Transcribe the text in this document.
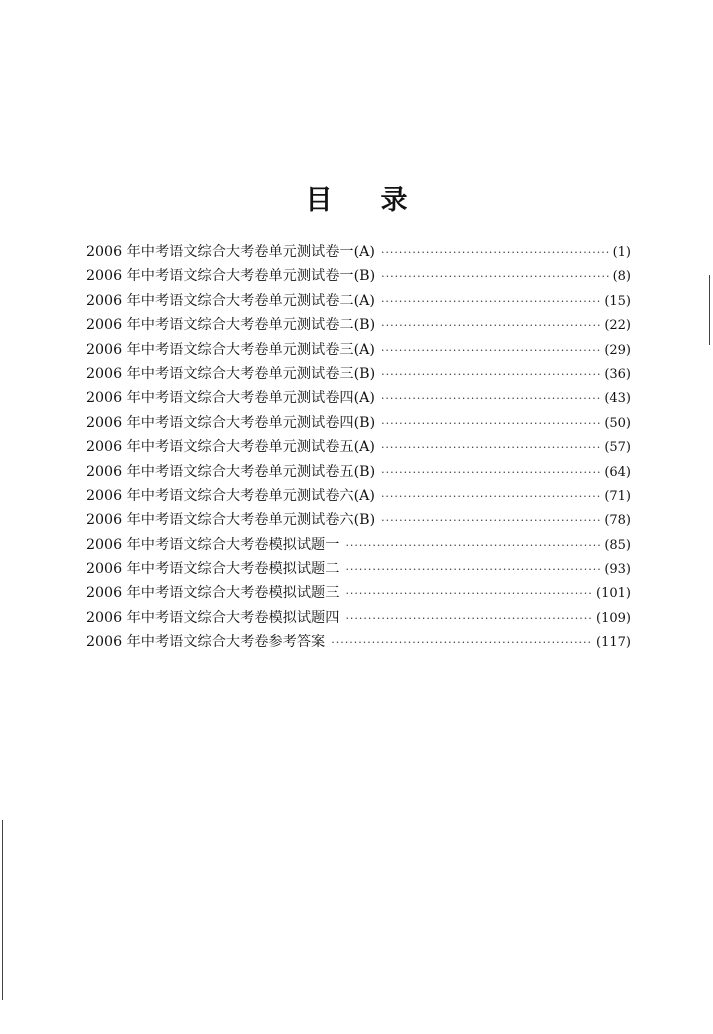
目 录
2006 年中考语文综合大考卷单元测试卷一(A) ·····	(1)
2006 年中考语文综合大考卷单元测试卷一(B) ·····	(8)
2006 年中考语文综合大考卷单元测试卷二(A) ·····	(15)
2006 年中考语文综合大考卷单元测试卷二(B) ·····	(22)
2006 年中考语文综合大考卷单元测试卷三(A) ·····	(29)
2006 年中考语文综合大考卷单元测试卷三(B) ·····	(36)
2006 年中考语文综合大考卷单元测试卷四(A) ·····	(43)
2006 年中考语文综合大考卷单元测试卷四(B) ·····	(50)
2006 年中考语文综合大考卷单元测试卷五(A) ·····	(57)
2006 年中考语文综合大考卷单元测试卷五(B) ·····	(64)
2006 年中考语文综合大考卷单元测试卷六(A) ·····	(71)
2006 年中考语文综合大考卷单元测试卷六(B) ·····	(78)
2006 年中考语文综合大考卷模拟试题一 ·····	(85)
2006 年中考语文综合大考卷模拟试题二 ·····	(93)
2006 年中考语文综合大考卷模拟试题三 ·····	(101)
2006 年中考语文综合大考卷模拟试题四 ·····	(109)
2006 年中考语文综合大考卷参考答案 ·····	(117)
